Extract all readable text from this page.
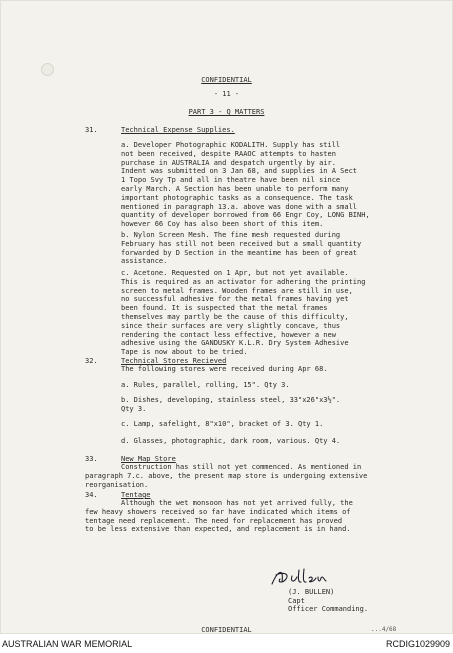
CONFIDENTIAL
- 11 -
PART 3 - Q MATTERS
31.	Technical Expense Supplies.
a. Developer Photographic KODALITH. Supply has still
not been received, despite RAAOC attempts to hasten
purchase in AUSTRALIA and despatch urgently by air.
Indent was submitted on 3 Jan 68, and supplies in A Sect
1 Topo Svy Tp and all in theatre have been nil since
early March. A Section has been unable to perform many
important photographic tasks as a consequence. The task
mentioned in paragraph 13.a. above was done with a small
quantity of developer borrowed from 66 Engr Coy, LONG BINH,
however 66 Coy has also been short of this item.
b. Nylon Screen Mesh. The fine mesh requested during
February has still not been received but a small quantity
forwarded by D Section in the meantime has been of great
assistance.
c. Acetone. Requested on 1 Apr, but not yet available.
This is required as an activator for adhering the printing
screen to metal frames. Wooden frames are still in use,
no successful adhesive for the metal frames having yet
been found. It is suspected that the metal frames
themselves may partly be the cause of this difficulty,
since their surfaces are very slightly concave, thus
rendering the contact less effective, however a new
adhesive using the GANDUSKY K.L.R. Dry System Adhesive
Tape is now about to be tried.
32.	Technical Stores Recieved
The following stores were received during Apr 68.
a. Rules, parallel, rolling, 15". Qty 3.
b. Dishes, developing, stainless steel, 33"x26"x3½".
Qty 3.
c. Lamp, safelight, 8"x10", bracket of 3. Qty 1.
d. Glasses, photographic, dark room, various. Qty 4.
33.	New Map Store
Construction has still not yet commenced. As mentioned in
paragraph 7.c. above, the present map store is undergoing extensive
reorganisation.
34.	Tentage
Although the wet monsoon has not yet arrived fully, the
few heavy showers received so far have indicated which items of
tentage need replacement. The need for replacement has proved
to be less extensive than expected, and replacement is in hand.
(J. BULLEN)
Capt
Officer Commanding.
CONFIDENTIAL	...4/68
AUSTRALIAN WAR MEMORIAL	RCDIG1029909
